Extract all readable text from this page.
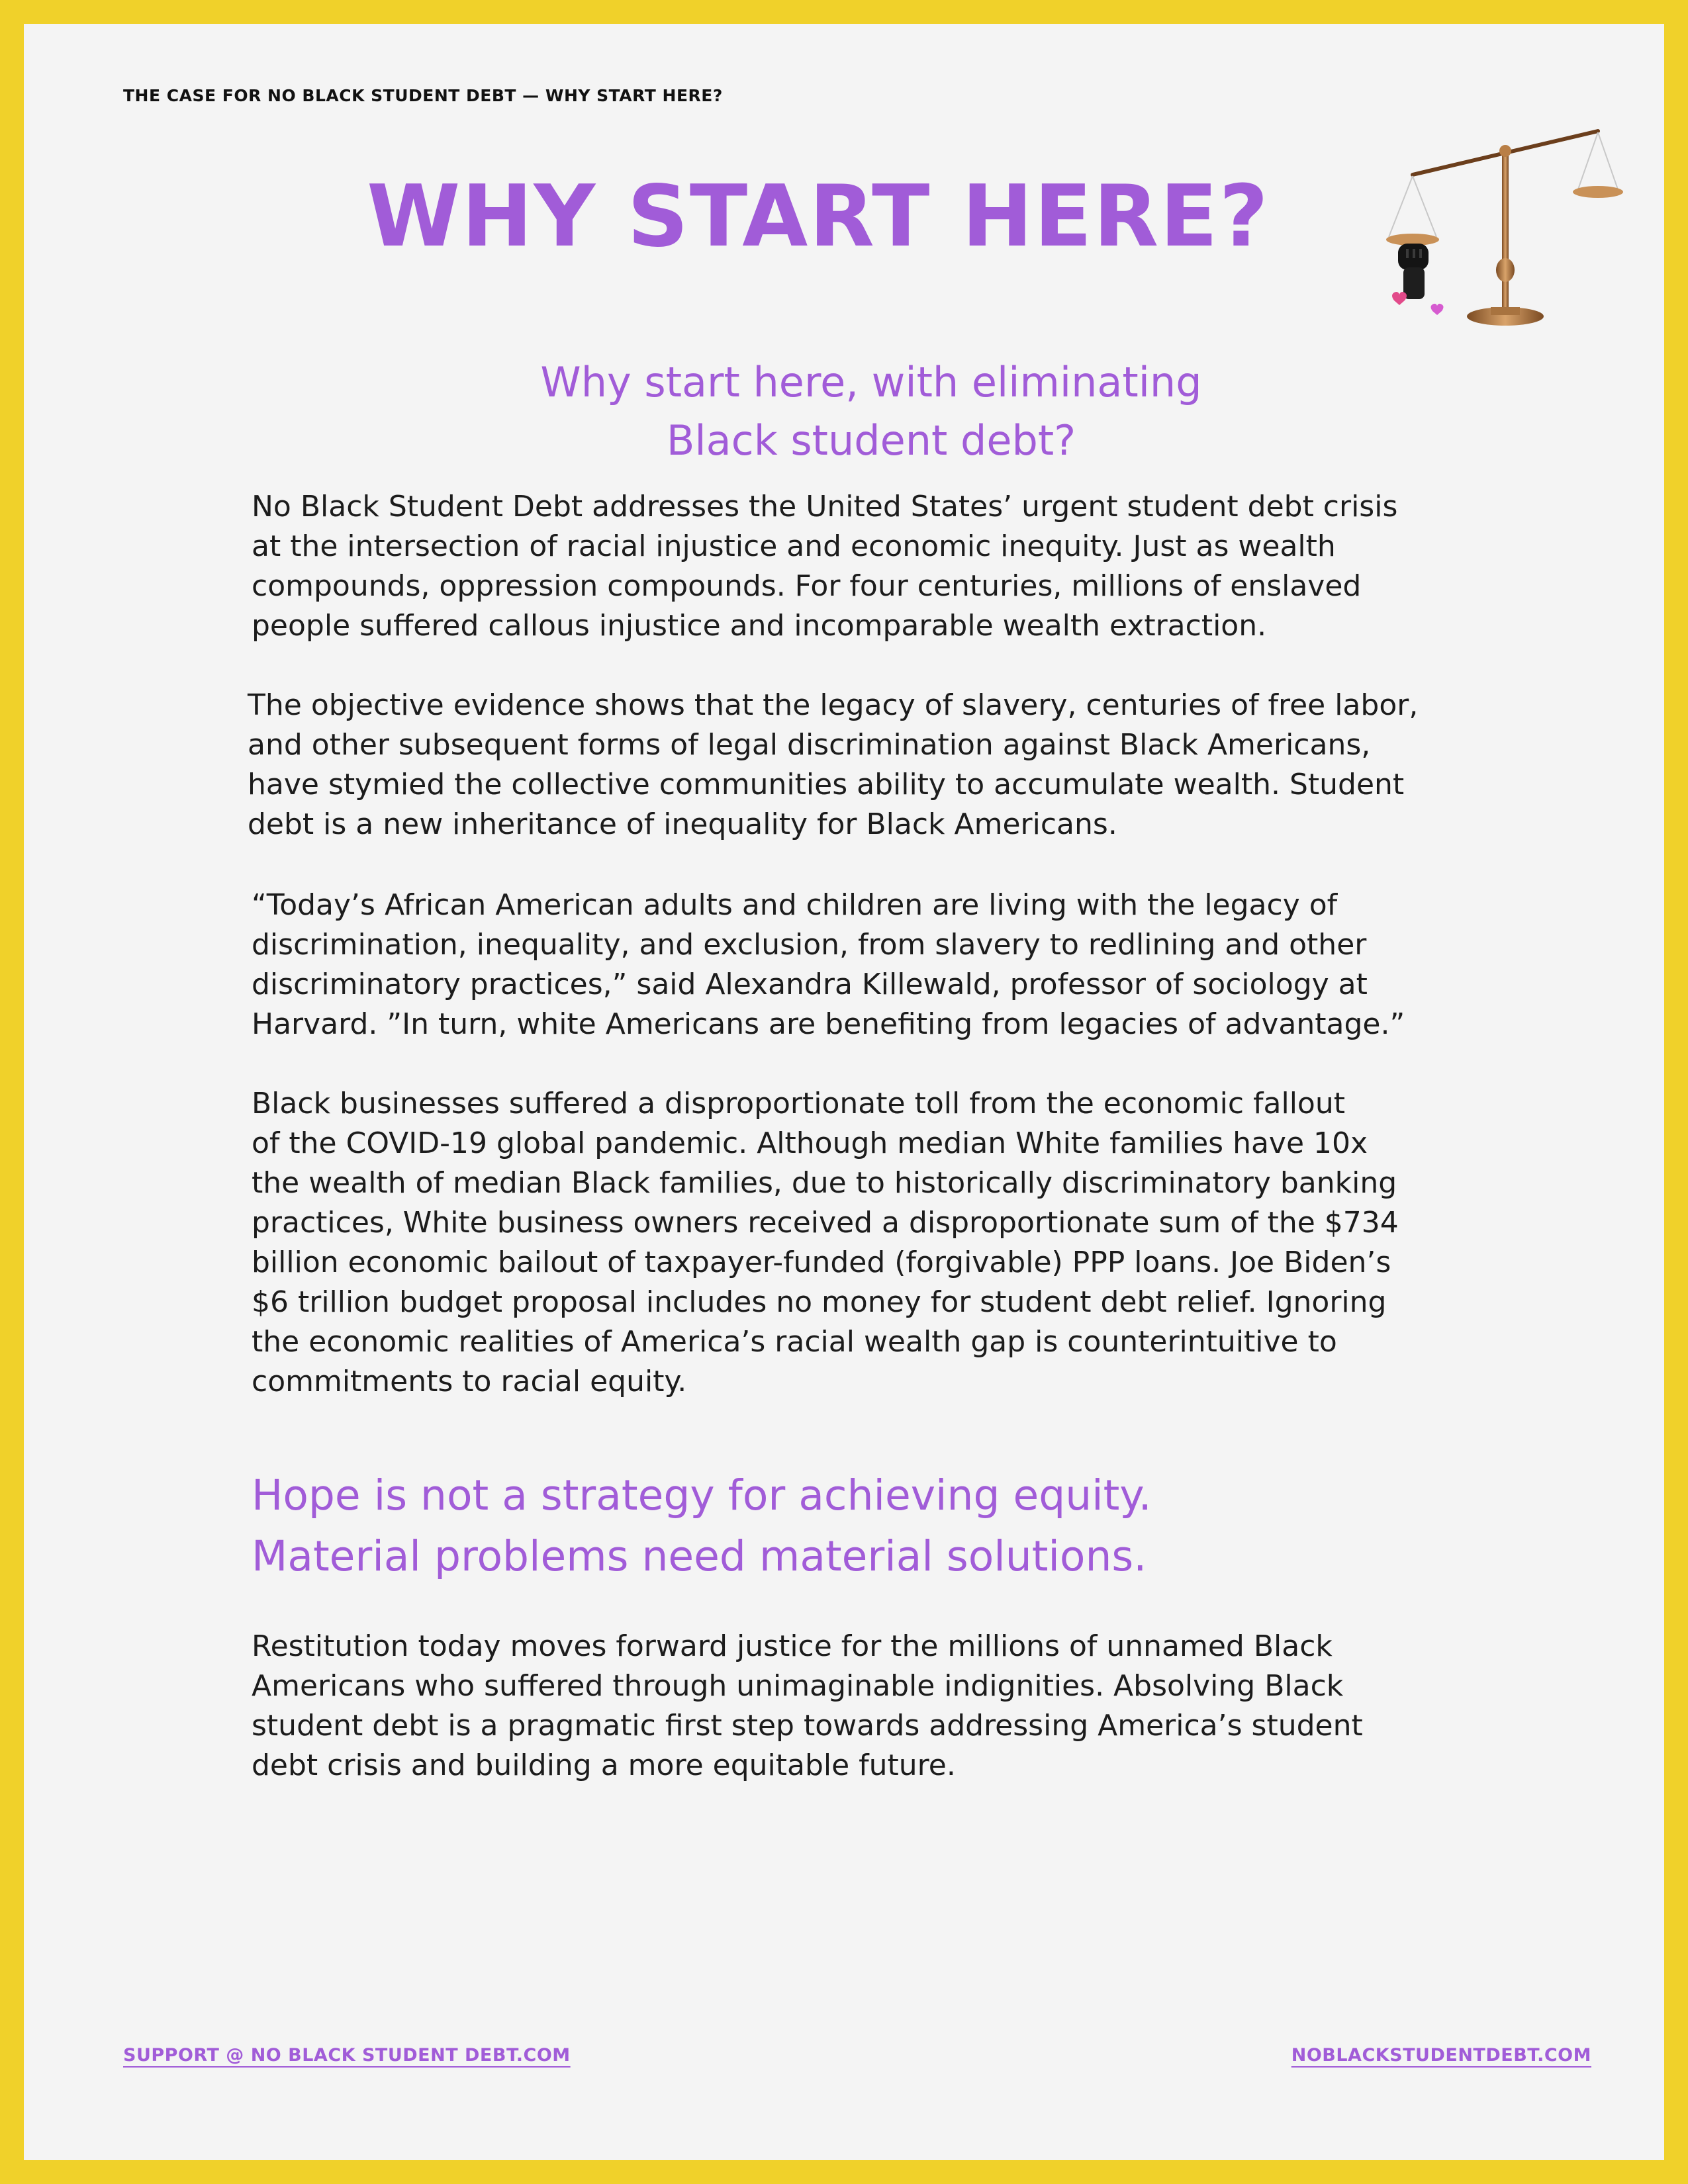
THE CASE FOR NO BLACK STUDENT DEBT — WHY START HERE?
WHY START HERE?
Why start here, with eliminating
Black student debt?
No Black Student Debt addresses the United States’ urgent student debt crisis
at the intersection of racial injustice and economic inequity. Just as wealth
compounds, oppression compounds. For four centuries, millions of enslaved
people suffered callous injustice and incomparable wealth extraction.
The objective evidence shows that the legacy of slavery, centuries of free labor,
and other subsequent forms of legal discrimination against Black Americans,
have stymied the collective communities ability to accumulate wealth. Student
debt is a new inheritance of inequality for Black Americans.
“Today’s African American adults and children are living with the legacy of
discrimination, inequality, and exclusion, from slavery to redlining and other
discriminatory practices,” said Alexandra Killewald, professor of sociology at
Harvard. ”In turn, white Americans are benefiting from legacies of advantage.”
Black businesses suffered a disproportionate toll from the economic fallout
of the COVID-19 global pandemic. Although median White families have 10x
the wealth of median Black families, due to historically discriminatory banking
practices, White business owners received a disproportionate sum of the $734
billion economic bailout of taxpayer-funded (forgivable) PPP loans. Joe Biden’s
$6 trillion budget proposal includes no money for student debt relief. Ignoring
the economic realities of America’s racial wealth gap is counterintuitive to
commitments to racial equity.
Hope is not a strategy for achieving equity.
Material problems need material solutions.
Restitution today moves forward justice for the millions of unnamed Black
Americans who suffered through unimaginable indignities. Absolving Black
student debt is a pragmatic first step towards addressing America’s student
debt crisis and building a more equitable future.
SUPPORT @ NO BLACK STUDENT DEBT.COM	NOBLACKSTUDENTDEBT.COM
